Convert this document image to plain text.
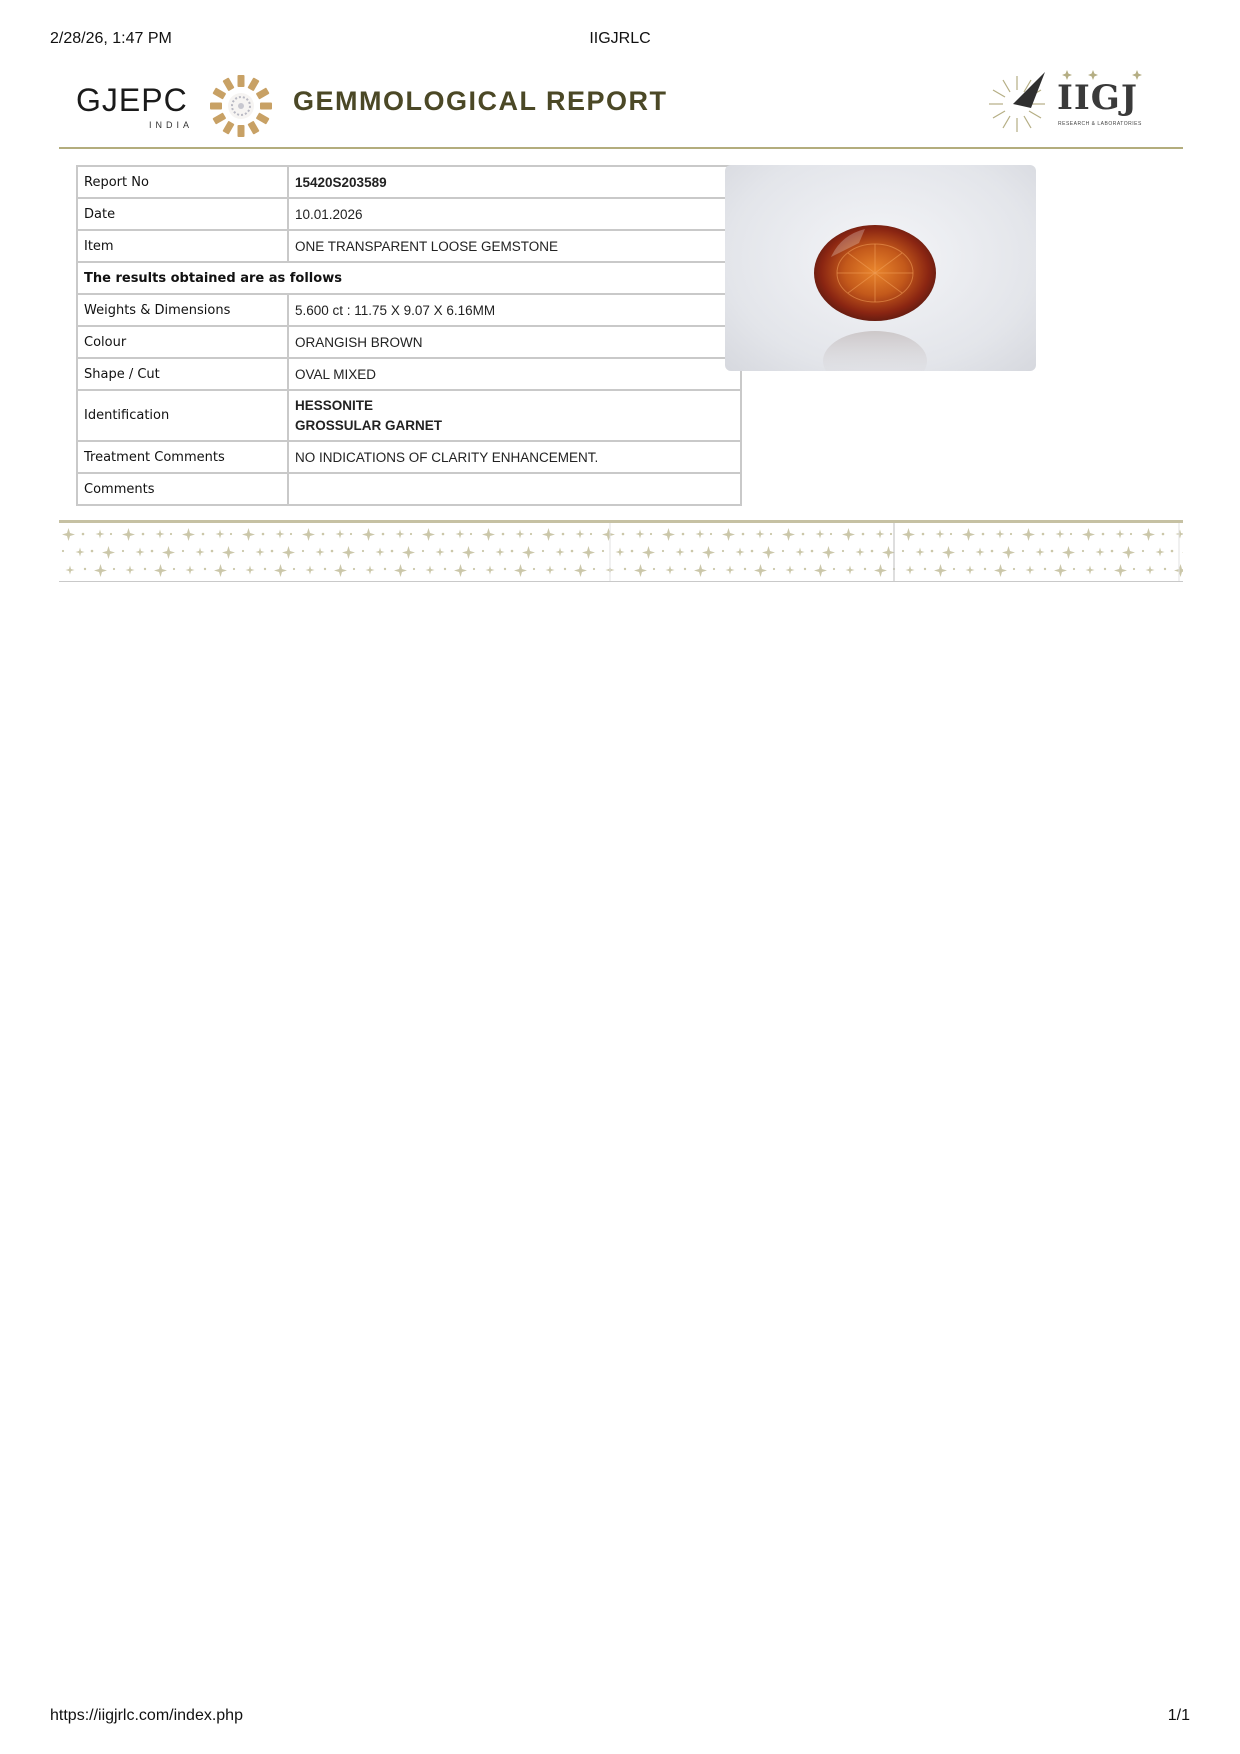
2/28/26, 1:47 PM	IIGJRLC
GJEPC
INDIA
GEMMOLOGICAL REPORT	IIGJ
RESEARCH & LABORATORIES
Report No	15420S203589
Date	10.01.2026
Item	ONE TRANSPARENT LOOSE GEMSTONE
The results obtained are as follows	
Weights & Dimensions	5.600 ct : 11.75 X 9.07 X 6.16MM
Colour	ORANGISH BROWN
Shape / Cut	OVAL MIXED
Identification	HESSONITE
GROSSULAR GARNET

Treatment Comments	NO INDICATIONS OF CLARITY ENHANCEMENT.
Comments	
https://iigjrlc.com/index.php	1/1
